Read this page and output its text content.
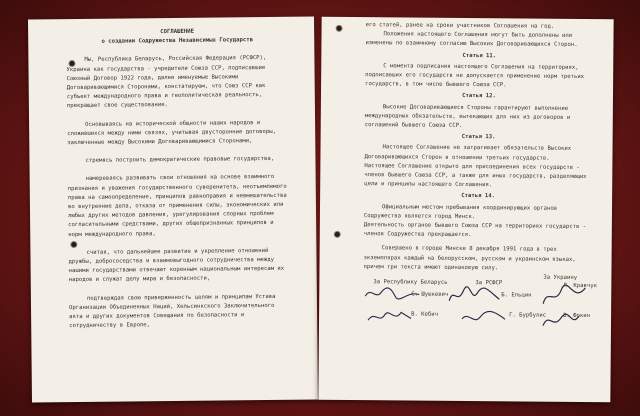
СОГЛАШЕНИЕ
о создании Содружества Независимых Государств

Мы, Республика Беларусь, Российская Федерация (РСФСР), Украина как государства - учредители Союза ССР, подписавшие Союзный Договор 1922 года, далее именуемые Высокими Договаривающимися Сторонами, констатируем, что Союз ССР как субъект международного права и геополитическая реальность, прекращает свое существование.

Основываясь на исторической общности наших народов и сложившихся между ними связях, учитывая двусторонние договоры, заключенные между Высокими Договаривающимися Сторонами,

стремясь построить демократические правовые государства,

намереваясь развивать свои отношения на основе взаимного признания и уважения государственного суверенитета, неотъемлемого права на самоопределение, принципов равноправия и невмешательства во внутренние дела, отказа от применения силы, экономических или любых других методов давления, урегулирования спорных проблем согласительными средствами, других общепризнанных принципов и норм международного права,

считая, что дальнейшее развитие и укрепление отношений дружбы, добрососедства и взаимовыгодного сотрудничества между нашими государствами отвечают коренным национальным интересам их народов и служат делу мира и безопасности,

подтверждая свою приверженность целям и принципам Устава Организации Объединенных Наций, Хельсинкского Заключительного акта и других документов Совещания по безопасности и сотрудничеству в Европе,

его статей, ранее на сроки участников Соглашения на год.

Положения настоящего Соглашения могут быть дополнены или изменены по взаимному согласию Высоких Договаривающихся Сторон.

Статья 11.

С момента подписания настоящего Соглашения на территориях, подписавших его государств не допускается применение норм третьих государств, в том числе бывшего Союза ССР.

Статья 12.

Высокие Договаривающиеся Стороны гарантируют выполнение международных обязательств, вытекающих для них из договоров и соглашений бывшего Союза ССР.

Статья 13.

Настоящее Соглашение не затрагивает обязательств Высоких Договаривающихся Сторон в отношении третьих государств.
Настоящее Соглашение открыто для присоединения всех государств - членов бывшего Союза ССР, а также для иных государств, разделяющих цели и принципы настоящего Соглашения.

Статья 14.

Официальным местом пребывания координирующих органов Содружества является город Минск.
Деятельность органов бывшего Союза ССР на территориях государств - членов Содружества прекращается.

Совершено в городе Минске 8 декабря 1991 года в трех экземплярах каждый на белорусском, русском и украинском языках, причем три текста имеют одинаковую силу.

За Республику Беларусь	За РСФСР
За Украину
С. Шушкевич
В. Кебич
Б. Ельцин
Г. Бурбулис
Л. Кравчук
В. Фокин
